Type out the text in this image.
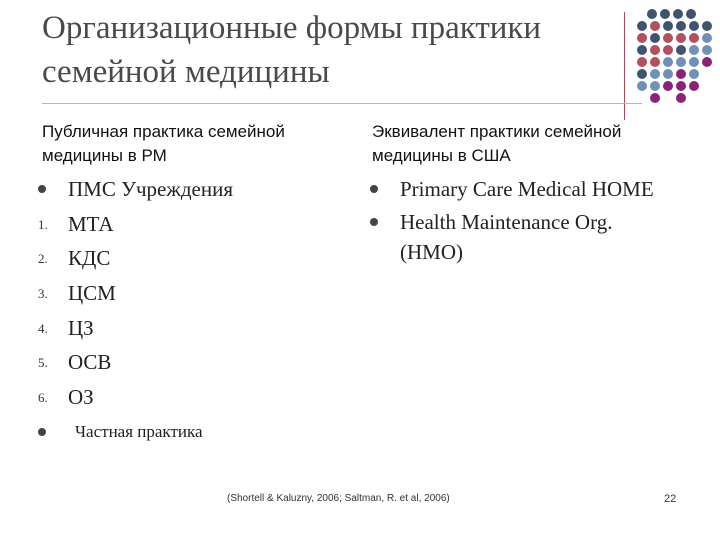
Организационные формы практики семейной медицины
Публичная практика семейной медицины в РМ
Эквивалент практики семейной медицины в США
ПМС Учреждения
1. МТА
2. КДС
3. ЦСМ
4. ЦЗ
5. ОСВ
6. ОЗ
Частная практика
Primary Care Medical HOME
Health Maintenance Org. (HMO)
(Shortell & Kaluzny, 2006; Saltman, R. et al, 2006)	22
